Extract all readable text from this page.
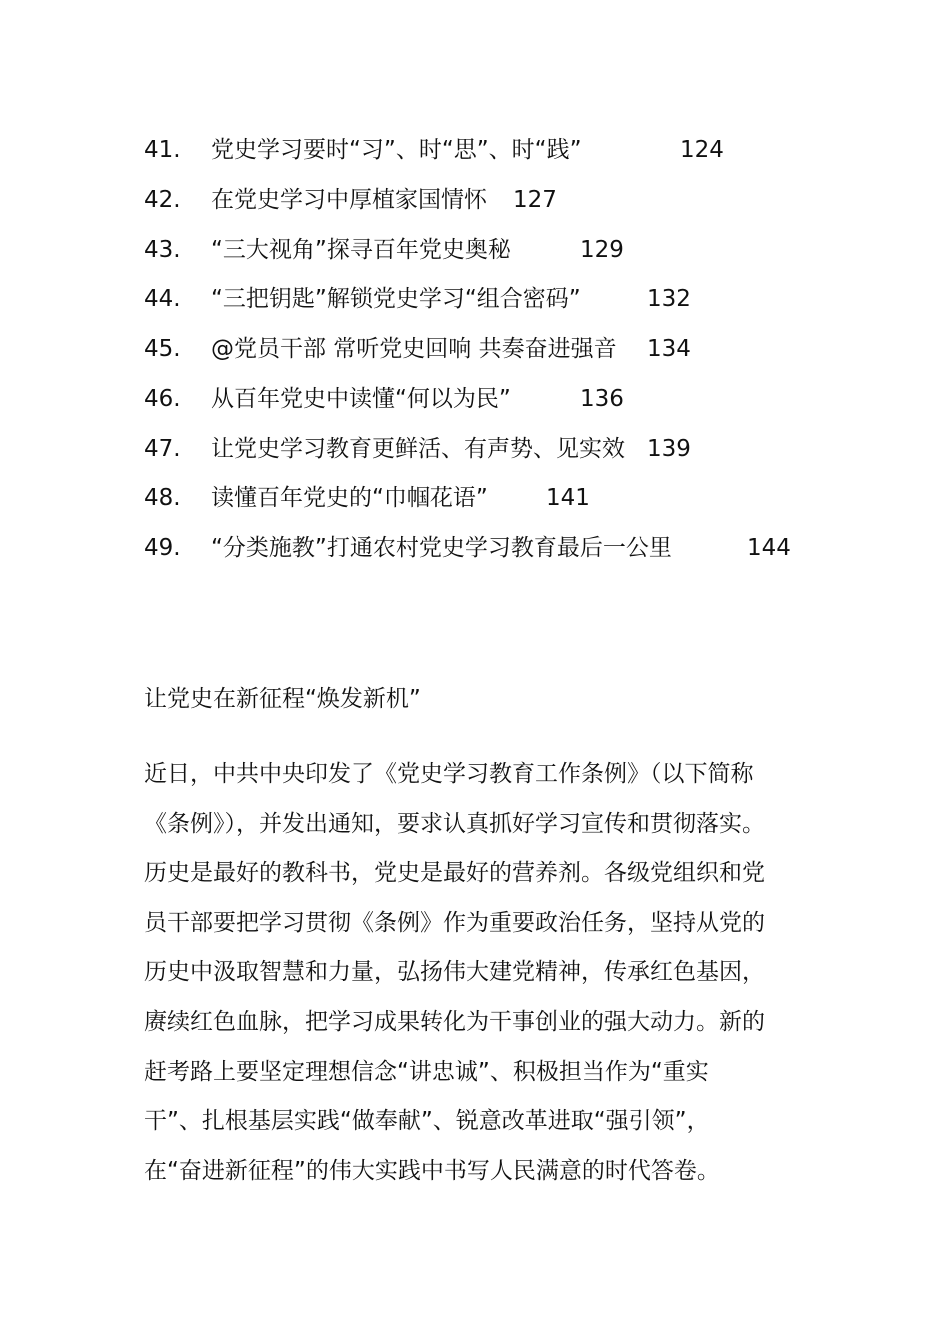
41. 党史学习要时“习”、时“思”、时“践”	124
42. 在党史学习中厚植家国情怀 127
43. “三大视角”探寻百年党史奥秘	129
44. “三把钥匙”解锁党史学习“组合密码”	132
45. @党员干部 常听党史回响 共奏奋进强音 134
46. 从百年党史中读懂“何以为民”	136
47. 让党史学习教育更鲜活、有声势、见实效 139
48. 读懂百年党史的“巾帼花语”	141
49. “分类施教”打通农村党史学习教育最后一公里	144
让党史在新征程“焕发新机”
近日，中共中央印发了《党史学习教育工作条例》（以下简称
《条例》），并发出通知，要求认真抓好学习宣传和贯彻落实。
历史是最好的教科书，党史是最好的营养剂。各级党组织和党
员干部要把学习贯彻《条例》作为重要政治任务，坚持从党的
历史中汲取智慧和力量，弘扬伟大建党精神，传承红色基因，
赓续红色血脉，把学习成果转化为干事创业的强大动力。新的
赶考路上要坚定理想信念“讲忠诚”、积极担当作为“重实
干”、扎根基层实践“做奉献”、锐意改革进取“强引领”，
在“奋进新征程”的伟大实践中书写人民满意的时代答卷。
